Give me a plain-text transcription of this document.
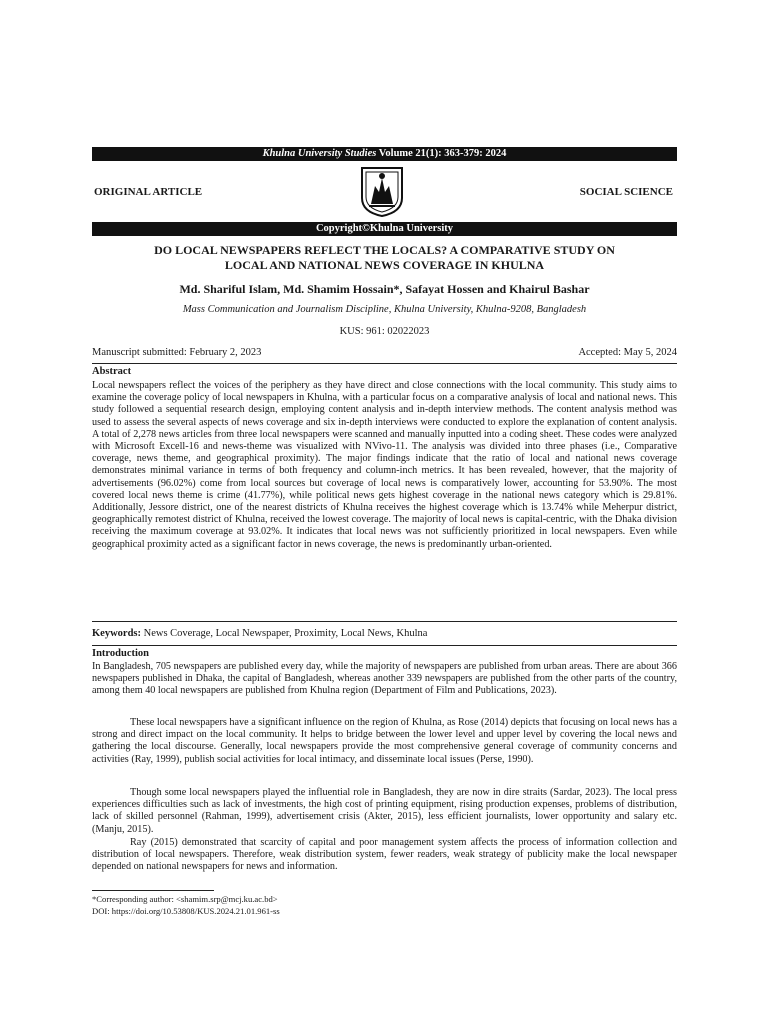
Khulna University Studies Volume 21(1): 363-379: 2024
ORIGINAL ARTICLE	SOCIAL SCIENCE
Copyright©Khulna University
DO LOCAL NEWSPAPERS REFLECT THE LOCALS? A COMPARATIVE STUDY ON
LOCAL AND NATIONAL NEWS COVERAGE IN KHULNA
Md. Shariful Islam, Md. Shamim Hossain*, Safayat Hossen and Khairul Bashar
Mass Communication and Journalism Discipline, Khulna University, Khulna-9208, Bangladesh
KUS: 961: 02022023
Manuscript submitted: February 2, 2023	Accepted: May 5, 2024
Abstract

Local newspapers reflect the voices of the periphery as they have direct and close connections with the local community. This study aims to examine the coverage policy of local newspapers in Khulna, with a particular focus on a comparative analysis of local and national news. This study followed a sequential research design, employing content analysis and in-depth interview methods. The content analysis method was used to assess the several aspects of news coverage and six in-depth interviews were conducted to explore the explanation of content analysis. A total of 2,278 news articles from three local newspapers were scanned and manually inputted into a coding sheet. These codes were analyzed with Microsoft Excell-16 and news-theme was visualized with NVivo-11. The analysis was divided into three phases (i.e., Comparative coverage, news theme, and geographical proximity). The major findings indicate that the ratio of local and national news coverage demonstrates minimal variance in terms of both frequency and column-inch metrics. It has been revealed, however, that the majority of advertisements (96.02%) come from local sources but coverage of local news is comparatively lower, accounting for 53.90%. The most covered local news theme is crime (41.77%), while political news gets highest coverage in the national news category which is 29.81%. Additionally, Jessore district, one of the nearest districts of Khulna receives the highest coverage which is 13.74% while Meherpur district, geographically remotest district of Khulna, received the lowest coverage. The majority of local news is capital-centric, with the Dhaka division receiving the maximum coverage at 93.02%. It indicates that local news was not sufficiently prioritized in local newspapers. Even while geographical proximity acted as a significant factor in news coverage, the news is predominantly urban-oriented.

Keywords: News Coverage, Local Newspaper, Proximity, Local News, Khulna
Introduction

In Bangladesh, 705 newspapers are published every day, while the majority of newspapers are published from urban areas. There are about 366 newspapers published in Dhaka, the capital of Bangladesh, whereas another 339 newspapers are published from the other parts of the country, among them 40 local newspapers are published from Khulna region (Department of Film and Publications, 2023).

These local newspapers have a significant influence on the region of Khulna, as Rose (2014) depicts that focusing on local news has a strong and direct impact on the local community. It helps to bridge between the lower level and upper level by covering the local news and gathering the local discourse. Generally, local newspapers provide the most comprehensive general coverage of community concerns and activities (Ray, 1999), publish social activities for local intimacy, and disseminate local issues (Perse, 1990).

Though some local newspapers played the influential role in Bangladesh, they are now in dire straits (Sardar, 2023). The local press experiences difficulties such as lack of investments, the high cost of printing equipment, rising production expenses, problems of distribution, lack of skilled personnel (Rahman, 1999), advertisement crisis (Akter, 2015), less efficient journalists, lower opportunity and salary etc. (Manju, 2015).

Ray (2015) demonstrated that scarcity of capital and poor management system affects the process of information collection and distribution of local newspapers. Therefore, weak distribution system, fewer readers, weak strategy of publicity make the local newspaper depended on national newspapers for news and information.

*Corresponding author: <shamim.srp@mcj.ku.ac.bd>
DOI: https://doi.org/10.53808/KUS.2024.21.01.961-ss
